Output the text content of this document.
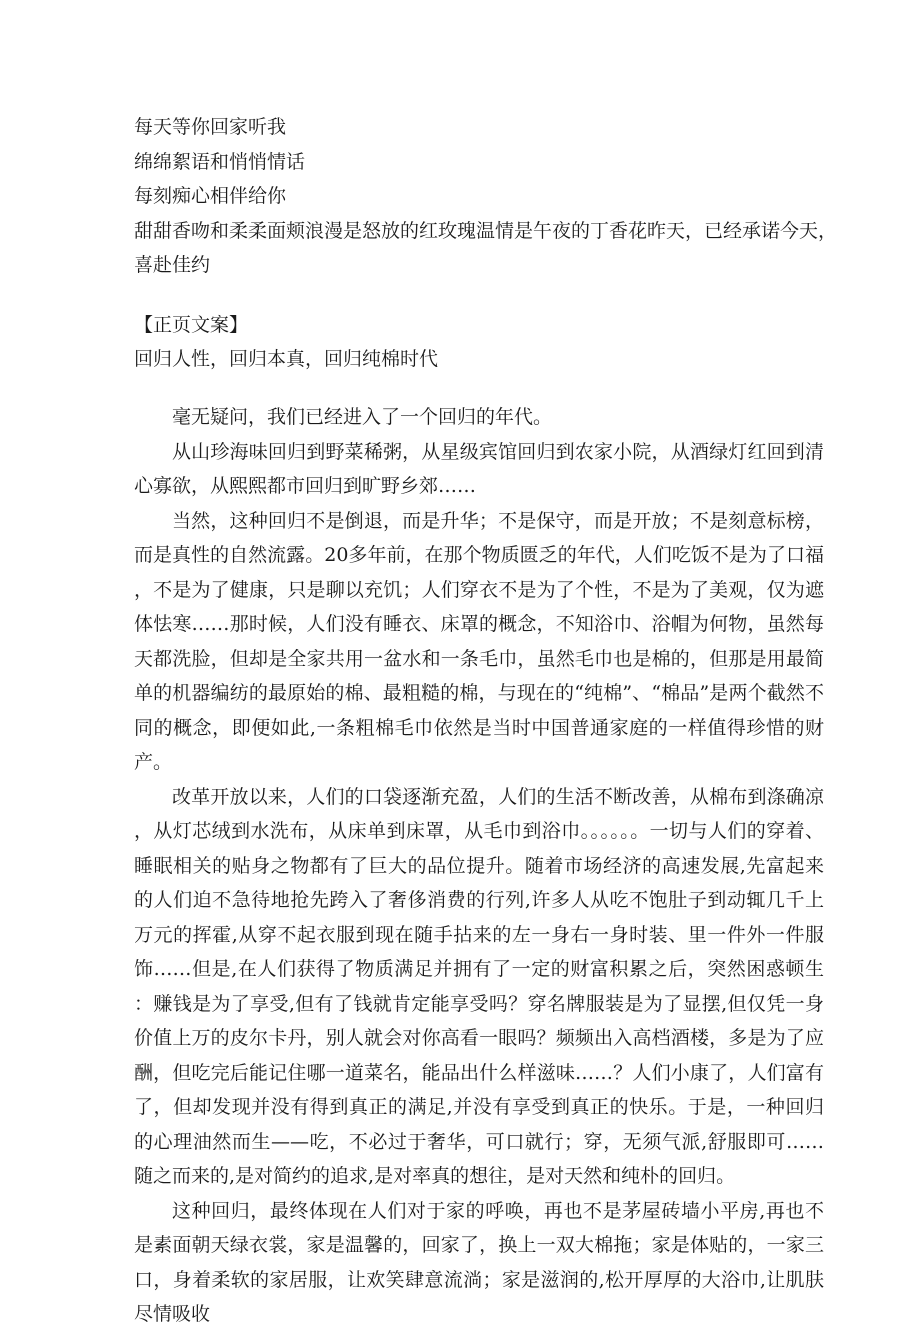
每天等你回家听我
绵绵絮语和悄悄情话
每刻痴心相伴给你
甜甜香吻和柔柔面颊浪漫是怒放的红玫瑰温情是午夜的丁香花昨天，已经承诺今天，
喜赴佳约
【正页文案】
回归人性，回归本真，回归纯棉时代

毫无疑问，我们已经进入了一个回归的年代。

从山珍海味回归到野菜稀粥，从星级宾馆回归到农家小院，从酒绿灯红回到清心寡欲，从熙熙都市回归到旷野乡郊……

当然，这种回归不是倒退，而是升华；不是保守，而是开放；不是刻意标榜，而是真性的自然流露。20多年前，在那个物质匮乏的年代，人们吃饭不是为了口福，不是为了健康，只是聊以充饥；人们穿衣不是为了个性，不是为了美观，仅为遮体怯寒……那时候，人们没有睡衣、床罩的概念，不知浴巾、浴帽为何物，虽然每天都洗脸，但却是全家共用一盆水和一条毛巾，虽然毛巾也是棉的，但那是用最简单的机器编纺的最原始的棉、最粗糙的棉，与现在的“纯棉”、“棉品”是两个截然不同的概念，即便如此,一条粗棉毛巾依然是当时中国普通家庭的一样值得珍惜的财产。

改革开放以来，人们的口袋逐渐充盈，人们的生活不断改善，从棉布到涤确凉，从灯芯绒到水洗布，从床单到床罩，从毛巾到浴巾。。。。。。一切与人们的穿着、睡眠相关的贴身之物都有了巨大的品位提升。随着市场经济的高速发展,先富起来的人们迫不急待地抢先跨入了奢侈消费的行列,许多人从吃不饱肚子到动辄几千上万元的挥霍,从穿不起衣服到现在随手拈来的左一身右一身时装、里一件外一件服饰……但是,在人们获得了物质满足并拥有了一定的财富积累之后，突然困惑顿生：赚钱是为了享受,但有了钱就肯定能享受吗？穿名牌服装是为了显摆,但仅凭一身价值上万的皮尔卡丹，别人就会对你高看一眼吗？频频出入高档酒楼，多是为了应酬，但吃完后能记住哪一道菜名，能品出什么样滋味……？人们小康了，人们富有了，但却发现并没有得到真正的满足,并没有享受到真正的快乐。于是，一种回归的心理油然而生——吃，不必过于奢华，可口就行；穿，无须气派,舒服即可……随之而来的,是对简约的追求,是对率真的想往，是对天然和纯朴的回归。

这种回归，最终体现在人们对于家的呼唤，再也不是茅屋砖墙小平房,再也不是素面朝天绿衣裳，家是温馨的，回家了，换上一双大棉拖；家是体贴的，一家三口，身着柔软的家居服，让欢笑肆意流淌；家是滋润的,松开厚厚的大浴巾,让肌肤尽情吸收
